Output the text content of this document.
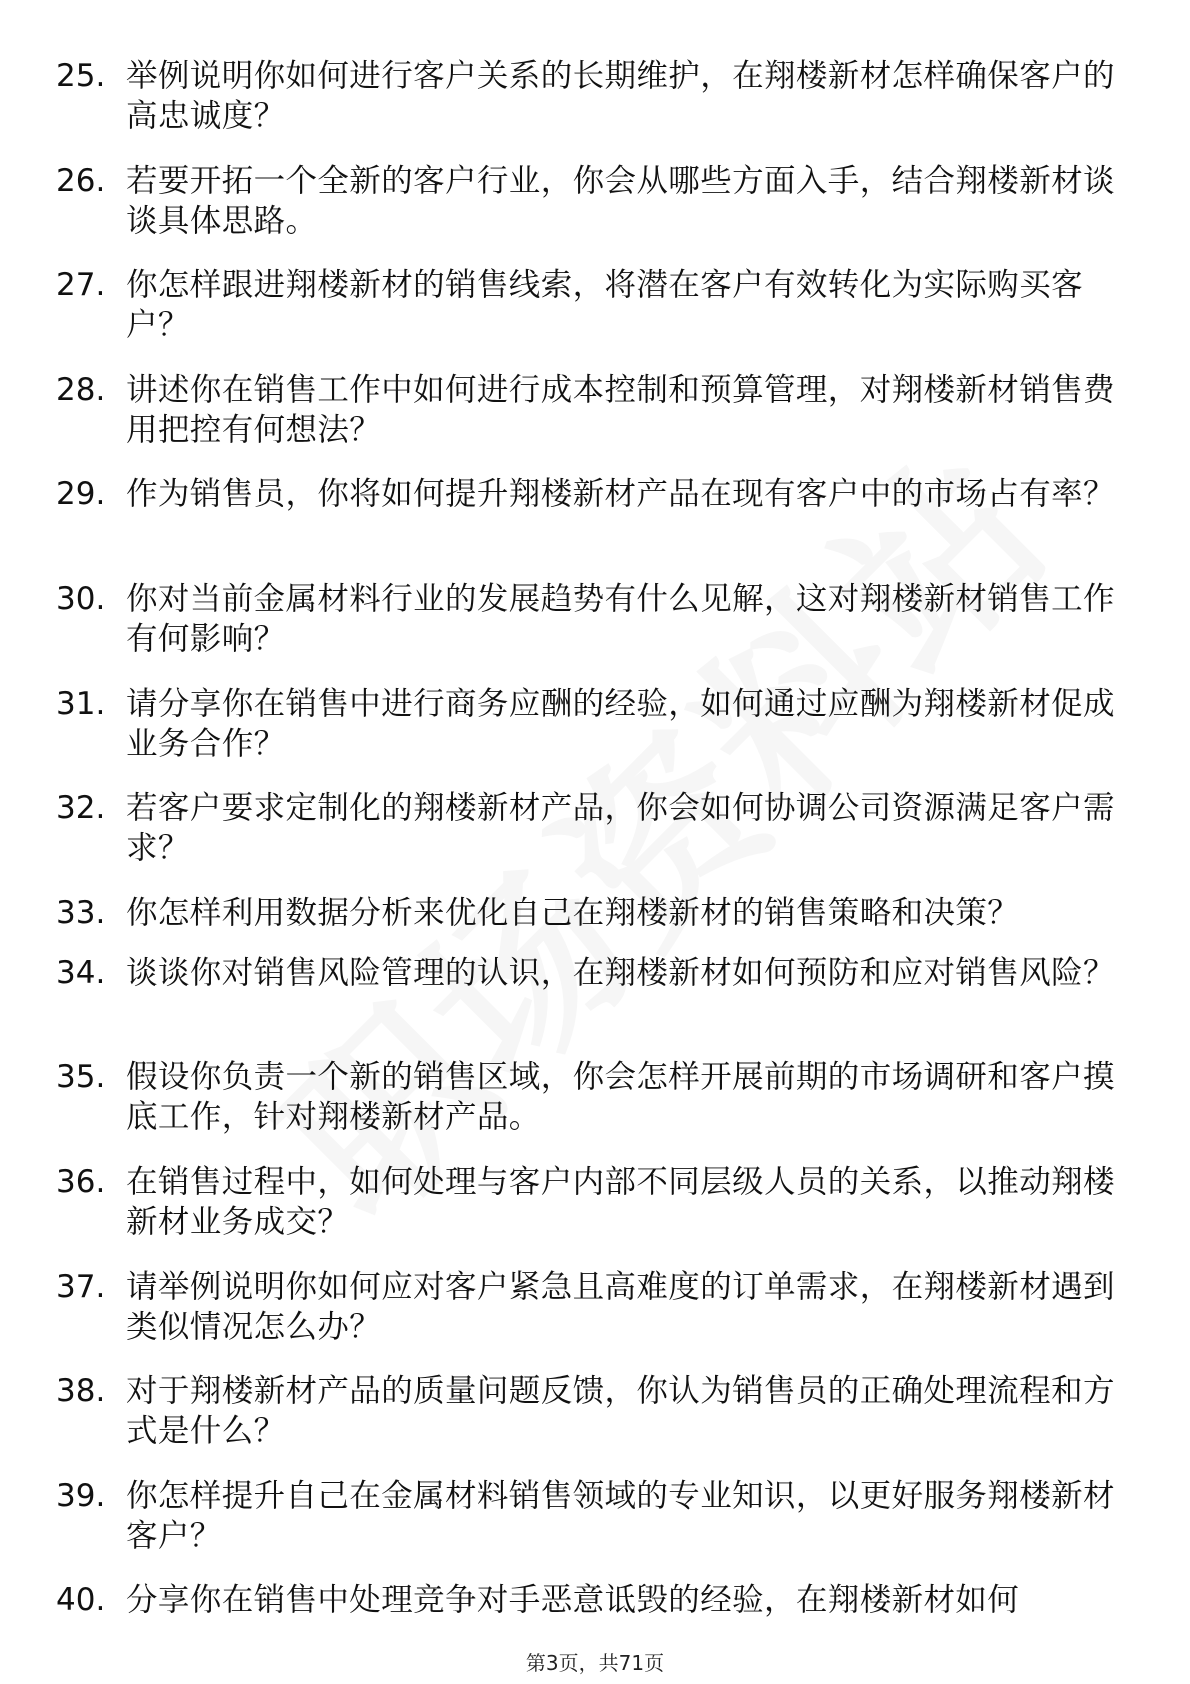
25. 举例说明你如何进行客户关系的长期维护，在翔楼新材怎样确保客户的高忠诚度？
26. 若要开拓一个全新的客户行业，你会从哪些方面入手，结合翔楼新材谈谈具体思路。
27. 你怎样跟进翔楼新材的销售线索，将潜在客户有效转化为实际购买客户？
28. 讲述你在销售工作中如何进行成本控制和预算管理，对翔楼新材销售费用把控有何想法？
29. 作为销售员，你将如何提升翔楼新材产品在现有客户中的市场占有率？
30. 你对当前金属材料行业的发展趋势有什么见解，这对翔楼新材销售工作有何影响？
31. 请分享你在销售中进行商务应酬的经验，如何通过应酬为翔楼新材促成业务合作？
32. 若客户要求定制化的翔楼新材产品，你会如何协调公司资源满足客户需求？
33. 你怎样利用数据分析来优化自己在翔楼新材的销售策略和决策？
34. 谈谈你对销售风险管理的认识，在翔楼新材如何预防和应对销售风险？
35. 假设你负责一个新的销售区域，你会怎样开展前期的市场调研和客户摸底工作，针对翔楼新材产品。
36. 在销售过程中，如何处理与客户内部不同层级人员的关系，以推动翔楼新材业务成交？
37. 请举例说明你如何应对客户紧急且高难度的订单需求，在翔楼新材遇到类似情况怎么办？
38. 对于翔楼新材产品的质量问题反馈，你认为销售员的正确处理流程和方式是什么？
39. 你怎样提升自己在金属材料销售领域的专业知识，以更好服务翔楼新材客户？
40. 分享你在销售中处理竞争对手恶意诋毁的经验，在翔楼新材如何
第3页，共71页
